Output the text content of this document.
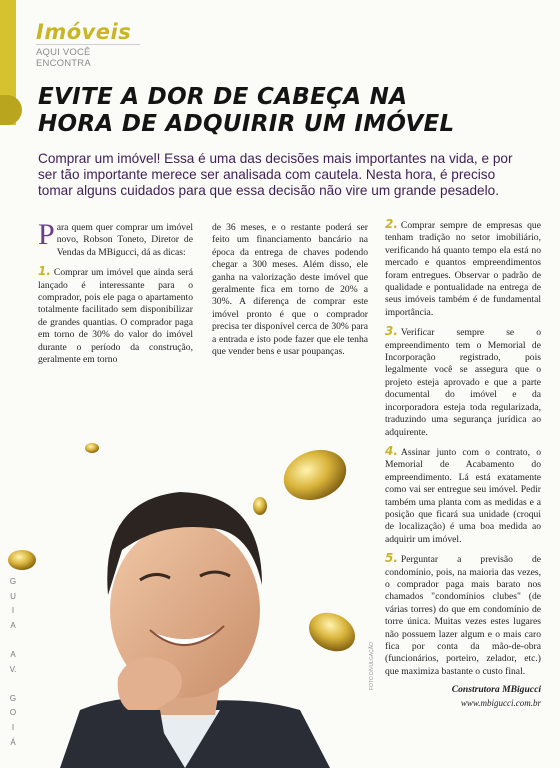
Imóveis
AQUI VOCÊ ENCONTRA
EVITE A DOR DE CABEÇA NA
HORA DE ADQUIRIR UM IMÓVEL
Comprar um imóvel! Essa é uma das decisões mais importantes na vida, e por ser tão importante merece ser analisada com cautela. Nesta hora, é preciso tomar alguns cuidados para que essa decisão não vire um grande pesadelo.

Para quem quer comprar um imóvel novo, Robson Toneto, Diretor de Vendas da MBigucci, dá as dicas:

1. Comprar um imóvel que ainda será lançado é interessante para o comprador, pois ele paga o apartamento totalmente facilitado sem disponibilizar de grandes quantias. O comprador paga em torno de 30% do valor do imóvel durante o período da construção, geralmente em torno

de 36 meses, e o restante poderá ser feito um financiamento bancário na época da entrega de chaves podendo chegar a 300 meses. Além disso, ele ganha na valorização deste imóvel que geralmente fica em torno de 20% a 30%. A diferença de comprar este imóvel pronto é que o comprador precisa ter disponível cerca de 30% para a entrada e isto pode fazer que ele tenha que vender bens e usar poupanças.

2. Comprar sempre de empresas que tenham tradição no setor imobiliário, verificando há quanto tempo ela está no mercado e quantos empreendimentos foram entregues. Observar o padrão de qualidade e pontualidade na entrega de seus imóveis também é de fundamental importância.

3. Verificar sempre se o empreendimento tem o Memorial de Incorporação registrado, pois legalmente você se assegura que o projeto esteja aprovado e que a parte documental do imóvel e da incorporadora esteja toda regularizada, traduzindo uma segurança jurídica ao adquirente.

4. Assinar junto com o contrato, o Memorial de Acabamento do empreendimento. Lá está exatamente como vai ser entregue seu imóvel. Pedir também uma planta com as medidas e a posição que ficará sua unidade (croqui de localização) é uma boa medida ao adquirir um imóvel.

5. Perguntar a previsão de condomínio, pois, na maioria das vezes, o comprador paga mais barato nos chamados "condomínios clubes" (de várias torres) do que em condomínio de torre única. Muitas vezes estes lugares não possuem lazer algum e o mais caro fica por conta da mão-de-obra (funcionários, porteiro, zelador, etc.) que maximiza bastante o custo final.

Construtora MBigucci
www.mbigucci.com.br
G
U
I
A

A
V.

G
O
I
Á
FOTO DIVULGAÇÃO
